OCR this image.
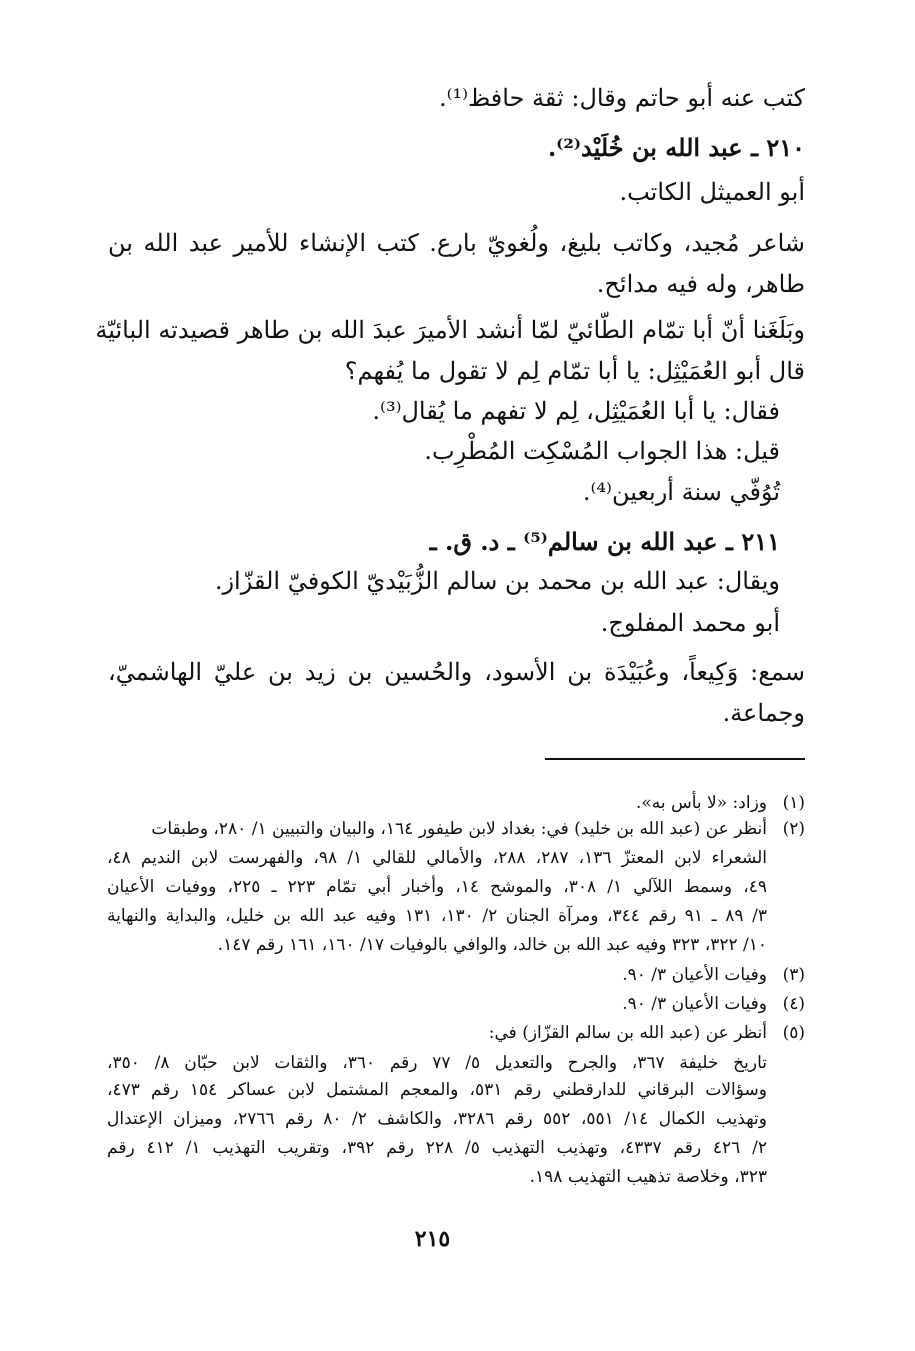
كتب عنه أبو حاتم وقال: ثقة حافظ⁽¹⁾.
٢١٠ ـ عبد الله بن خُلَيْد⁽²⁾.
أبو العميثل الكاتب.
شاعر مُجيد، وكاتب بليغ، ولُغويّ بارع. كتب الإنشاء للأمير عبد الله بن
طاهر، وله فيه مدائح.
وبَلَغَنا أنّ أبا تمّام الطّائيّ لمّا أنشد الأميرَ عبدَ الله بن طاهر قصيدته البائيّة
قال أبو العُمَيْثِل: يا أبا تمّام لِم لا تقول ما يُفهم؟
فقال: يا أبا العُمَيْثِل، لِم لا تفهم ما يُقال⁽³⁾.
قيل: هذا الجواب المُسْكِت المُطْرِب.
تُوُفّي سنة أربعين⁽⁴⁾.
٢١١ ـ عبد الله بن سالم⁽⁵⁾ ـ د. ق. ـ
ويقال: عبد الله بن محمد بن سالم الزُّبَيْديّ الكوفيّ القزّاز.
أبو محمد المفلوج.
سمع: وَكِيعاً، وعُبَيْدَة بن الأسود، والحُسين بن زيد بن عليّ الهاشميّ،
وجماعة.
(١)وزاد: «لا بأس به».
(٢)أنظر عن (عبد الله بن خليد) في: بغداد لابن طيفور ١٦٤، والبيان والتبيين ١/ ٢٨٠، وطبقات
الشعراء لابن المعتزّ ١٣٦، ٢٨٧، ٢٨٨، والأمالي للقالي ١/ ٩٨، والفهرست لابن النديم ٤٨،
٤٩، وسمط اللآلي ١/ ٣٠٨، والموشح ١٤، وأخبار أبي تمّام ٢٢٣ ـ ٢٢٥، ووفيات الأعيان
٣/ ٨٩ ـ ٩١ رقم ٣٤٤، ومرآة الجنان ٢/ ١٣٠، ١٣١ وفيه عبد الله بن خليل، والبداية والنهاية
١٠/ ٣٢٢، ٣٢٣ وفيه عبد الله بن خالد، والوافي بالوفيات ١٧/ ١٦٠، ١٦١ رقم ١٤٧.
(٣)وفيات الأعيان ٣/ ٩٠.
(٤)وفيات الأعيان ٣/ ٩٠.
(٥)أنظر عن (عبد الله بن سالم القزّاز) في:
تاريخ خليفة ٣٦٧، والجرح والتعديل ٥/ ٧٧ رقم ٣٦٠، والثقات لابن حبّان ٨/ ٣٥٠،
وسؤالات البرقاني للدارقطني رقم ٥٣١، والمعجم المشتمل لابن عساكر ١٥٤ رقم ٤٧٣،
وتهذيب الكمال ١٤/ ٥٥١، ٥٥٢ رقم ٣٢٨٦، والكاشف ٢/ ٨٠ رقم ٢٧٦٦، وميزان الإعتدال
٢/ ٤٢٦ رقم ٤٣٣٧، وتهذيب التهذيب ٥/ ٢٢٨ رقم ٣٩٢، وتقريب التهذيب ١/ ٤١٢ رقم
٣٢٣، وخلاصة تذهيب التهذيب ١٩٨.
٢١٥
